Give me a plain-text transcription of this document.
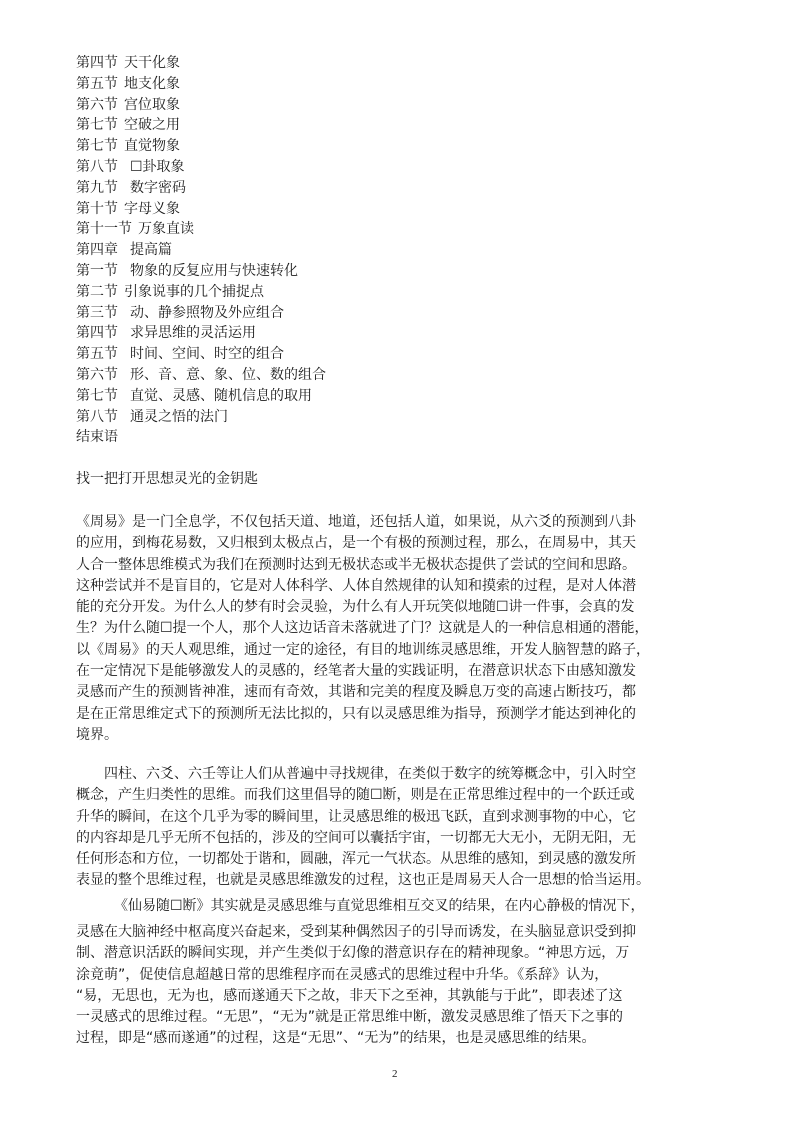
第四节 天干化象
第五节 地支化象
第六节 宫位取象
第七节 空破之用
第七节 直觉物象
第八节 ☐卦取象
第九节 数字密码
第十节 字母义象
第十一节 万象直读
第四章 提高篇
第一节 物象的反复应用与快速转化
第二节 引象说事的几个捕捉点
第三节 动、静参照物及外应组合
第四节 求异思维的灵活运用
第五节 时间、空间、时空的组合
第六节 形、音、意、象、位、数的组合
第七节 直觉、灵感、随机信息的取用
第八节 通灵之悟的法门
结束语
找一把打开思想灵光的金钥匙
《周易》是一门全息学，不仅包括天道、地道，还包括人道，如果说，从六爻的预测到八卦
的应用，到梅花易数，又归根到太极点占，是一个有极的预测过程，那么，在周易中，其天
人合一整体思维模式为我们在预测时达到无极状态或半无极状态提供了尝试的空间和思路。
这种尝试并不是盲目的，它是对人体科学、人体自然规律的认知和摸索的过程，是对人体潜
能的充分开发。为什么人的梦有时会灵验，为什么有人开玩笑似地随☐讲一件事，会真的发
生？为什么随☐提一个人，那个人这边话音未落就进了门？这就是人的一种信息相通的潜能，
以《周易》的天人观思维，通过一定的途径，有目的地训练灵感思维，开发人脑智慧的路子，
在一定情况下是能够激发人的灵感的，经笔者大量的实践证明，在潜意识状态下由感知激发
灵感而产生的预测皆神准，速而有奇效，其谐和完美的程度及瞬息万变的高速占断技巧，都
是在正常思维定式下的预测所无法比拟的，只有以灵感思维为指导，预测学才能达到神化的
境界。
四柱、六爻、六壬等让人们从普遍中寻找规律，在类似于数字的统筹概念中，引入时空
概念，产生归类性的思维。而我们这里倡导的随☐断，则是在正常思维过程中的一个跃迁或
升华的瞬间，在这个几乎为零的瞬间里，让灵感思维的极迅飞跃，直到求测事物的中心，它
的内容却是几乎无所不包括的，涉及的空间可以囊括宇宙，一切都无大无小，无阴无阳，无
任何形态和方位，一切都处于谐和，圆融，浑元一气状态。从思维的感知，到灵感的激发所
表显的整个思维过程，也就是灵感思维激发的过程，这也正是周易天人合一思想的恰当运用。
《仙易随☐断》其实就是灵感思维与直觉思维相互交叉的结果，在内心静极的情况下，
灵感在大脑神经中枢高度兴奋起来，受到某种偶然因子的引导而诱发，在头脑显意识受到抑
制、潜意识活跃的瞬间实现，并产生类似于幻像的潜意识存在的精神现象。“神思方远，万
涂竟萌”，促使信息超越日常的思维程序而在灵感式的思维过程中升华。《系辞》认为，
“易，无思也，无为也，感而遂通天下之故，非天下之至神，其孰能与于此”，即表述了这
一灵感式的思维过程。“无思”，“无为”就是正常思维中断，激发灵感思维了悟天下之事的
过程，即是“感而遂通”的过程，这是“无思”、“无为”的结果，也是灵感思维的结果。
2
